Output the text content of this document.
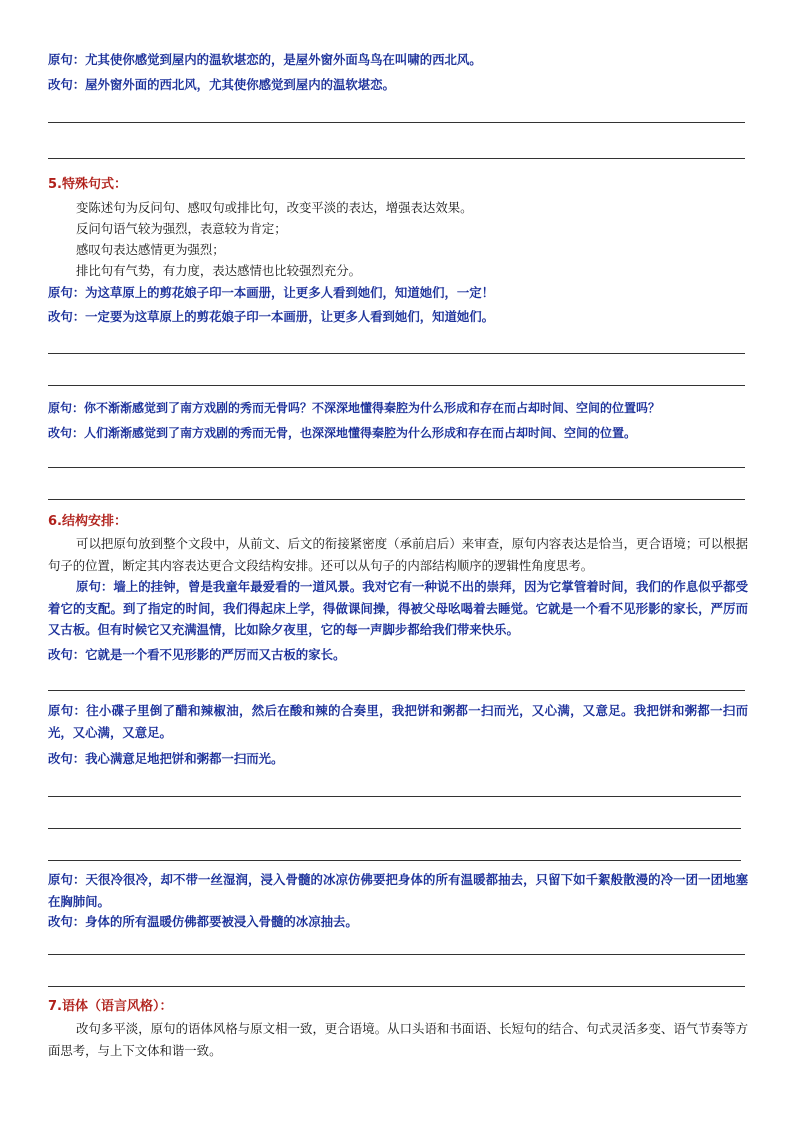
原句：尤其使你感觉到屋内的温软堪恋的，是屋外窗外面鸟鸟在叫啸的西北风。
改句：屋外窗外面的西北风，尤其使你感觉到屋内的温软堪恋。
5.特殊句式：
变陈述句为反问句、感叹句或排比句，改变平淡的表达，增强表达效果。
反问句语气较为强烈，表意较为肯定；
感叹句表达感情更为强烈；
排比句有气势，有力度，表达感情也比较强烈充分。
原句：为这草原上的剪花娘子印一本画册，让更多人看到她们，知道她们，一定！
改句：一定要为这草原上的剪花娘子印一本画册，让更多人看到她们，知道她们。
原句：你不渐渐感觉到了南方戏剧的秀而无骨吗？不深深地懂得秦腔为什么形成和存在而占却时间、空间的位置吗？
改句：人们渐渐感觉到了南方戏剧的秀而无骨，也深深地懂得秦腔为什么形成和存在而占却时间、空间的位置。
6.结构安排：
可以把原句放到整个文段中，从前文、后文的衔接紧密度（承前启后）来审查，原句内容表达是恰当，更合语境；可以根据句子的位置，断定其内容表达更合文段结构安排。还可以从句子的内部结构顺序的逻辑性角度思考。
原句：墙上的挂钟，曾是我童年最爱看的一道风景。我对它有一种说不出的崇拜，因为它掌管着时间，我们的作息似乎都受着它的支配。到了指定的时间，我们得起床上学，得做课间操，得被父母吆喝着去睡觉。它就是一个看不见形影的家长，严厉而又古板。但有时候它又充满温情，比如除夕夜里，它的每一声脚步都给我们带来快乐。
改句：它就是一个看不见形影的严厉而又古板的家长。
原句：往小碟子里倒了醋和辣椒油，然后在酸和辣的合奏里，我把饼和粥都一扫而光，又心满，又意足。我把饼和粥都一扫而光，又心满，又意足。
改句：我心满意足地把饼和粥都一扫而光。
原句：天很冷很冷，却不带一丝湿润，浸入骨髓的冰凉仿佛要把身体的所有温暖都抽去，只留下如千絮般散漫的冷一团一团地塞在胸肺间。
改句：身体的所有温暖仿佛都要被浸入骨髓的冰凉抽去。
7.语体（语言风格）：
改句多平淡，原句的语体风格与原文相一致，更合语境。从口头语和书面语、长短句的结合、句式灵活多变、语气节奏等方面思考，与上下文体和谐一致。
